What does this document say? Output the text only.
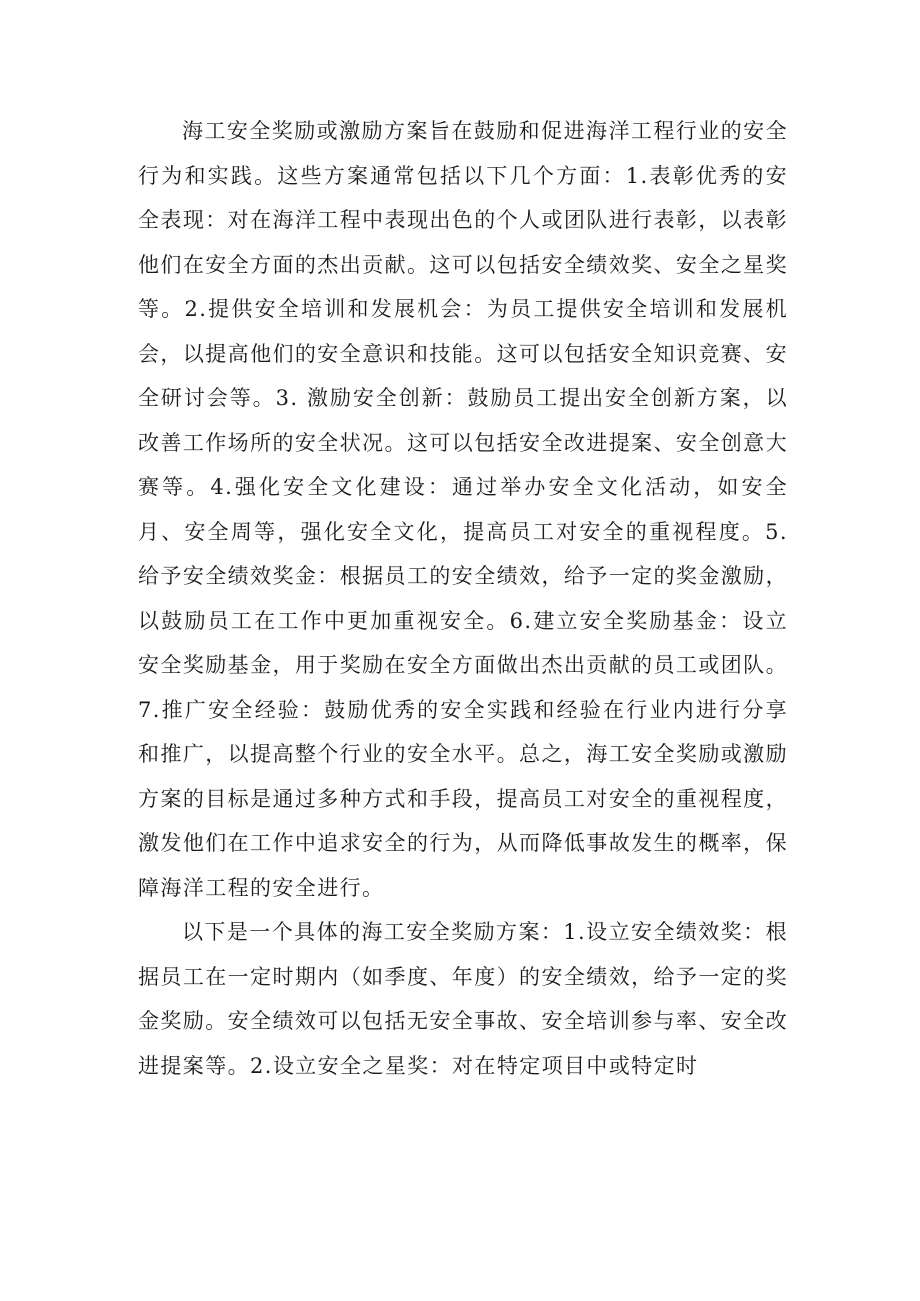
海工安全奖励或激励方案旨在鼓励和促进海洋工程行业的安全行为和实践。这些方案通常包括以下几个方面：1.表彰优秀的安全表现：对在海洋工程中表现出色的个人或团队进行表彰，以表彰他们在安全方面的杰出贡献。这可以包括安全绩效奖、安全之星奖等。2.提供安全培训和发展机会：为员工提供安全培训和发展机会，以提高他们的安全意识和技能。这可以包括安全知识竞赛、安全研讨会等。3. 激励安全创新：鼓励员工提出安全创新方案，以改善工作场所的安全状况。这可以包括安全改进提案、安全创意大赛等。4.强化安全文化建设：通过举办安全文化活动，如安全月、安全周等，强化安全文化，提高员工对安全的重视程度。5.给予安全绩效奖金：根据员工的安全绩效，给予一定的奖金激励，以鼓励员工在工作中更加重视安全。6.建立安全奖励基金：设立安全奖励基金，用于奖励在安全方面做出杰出贡献的员工或团队。7.推广安全经验：鼓励优秀的安全实践和经验在行业内进行分享和推广，以提高整个行业的安全水平。总之，海工安全奖励或激励方案的目标是通过多种方式和手段，提高员工对安全的重视程度，激发他们在工作中追求安全的行为，从而降低事故发生的概率，保障海洋工程的安全进行。

以下是一个具体的海工安全奖励方案：1.设立安全绩效奖：根据员工在一定时期内（如季度、年度）的安全绩效，给予一定的奖金奖励。安全绩效可以包括无安全事故、安全培训参与率、安全改进提案等。2.设立安全之星奖：对在特定项目中或特定时
